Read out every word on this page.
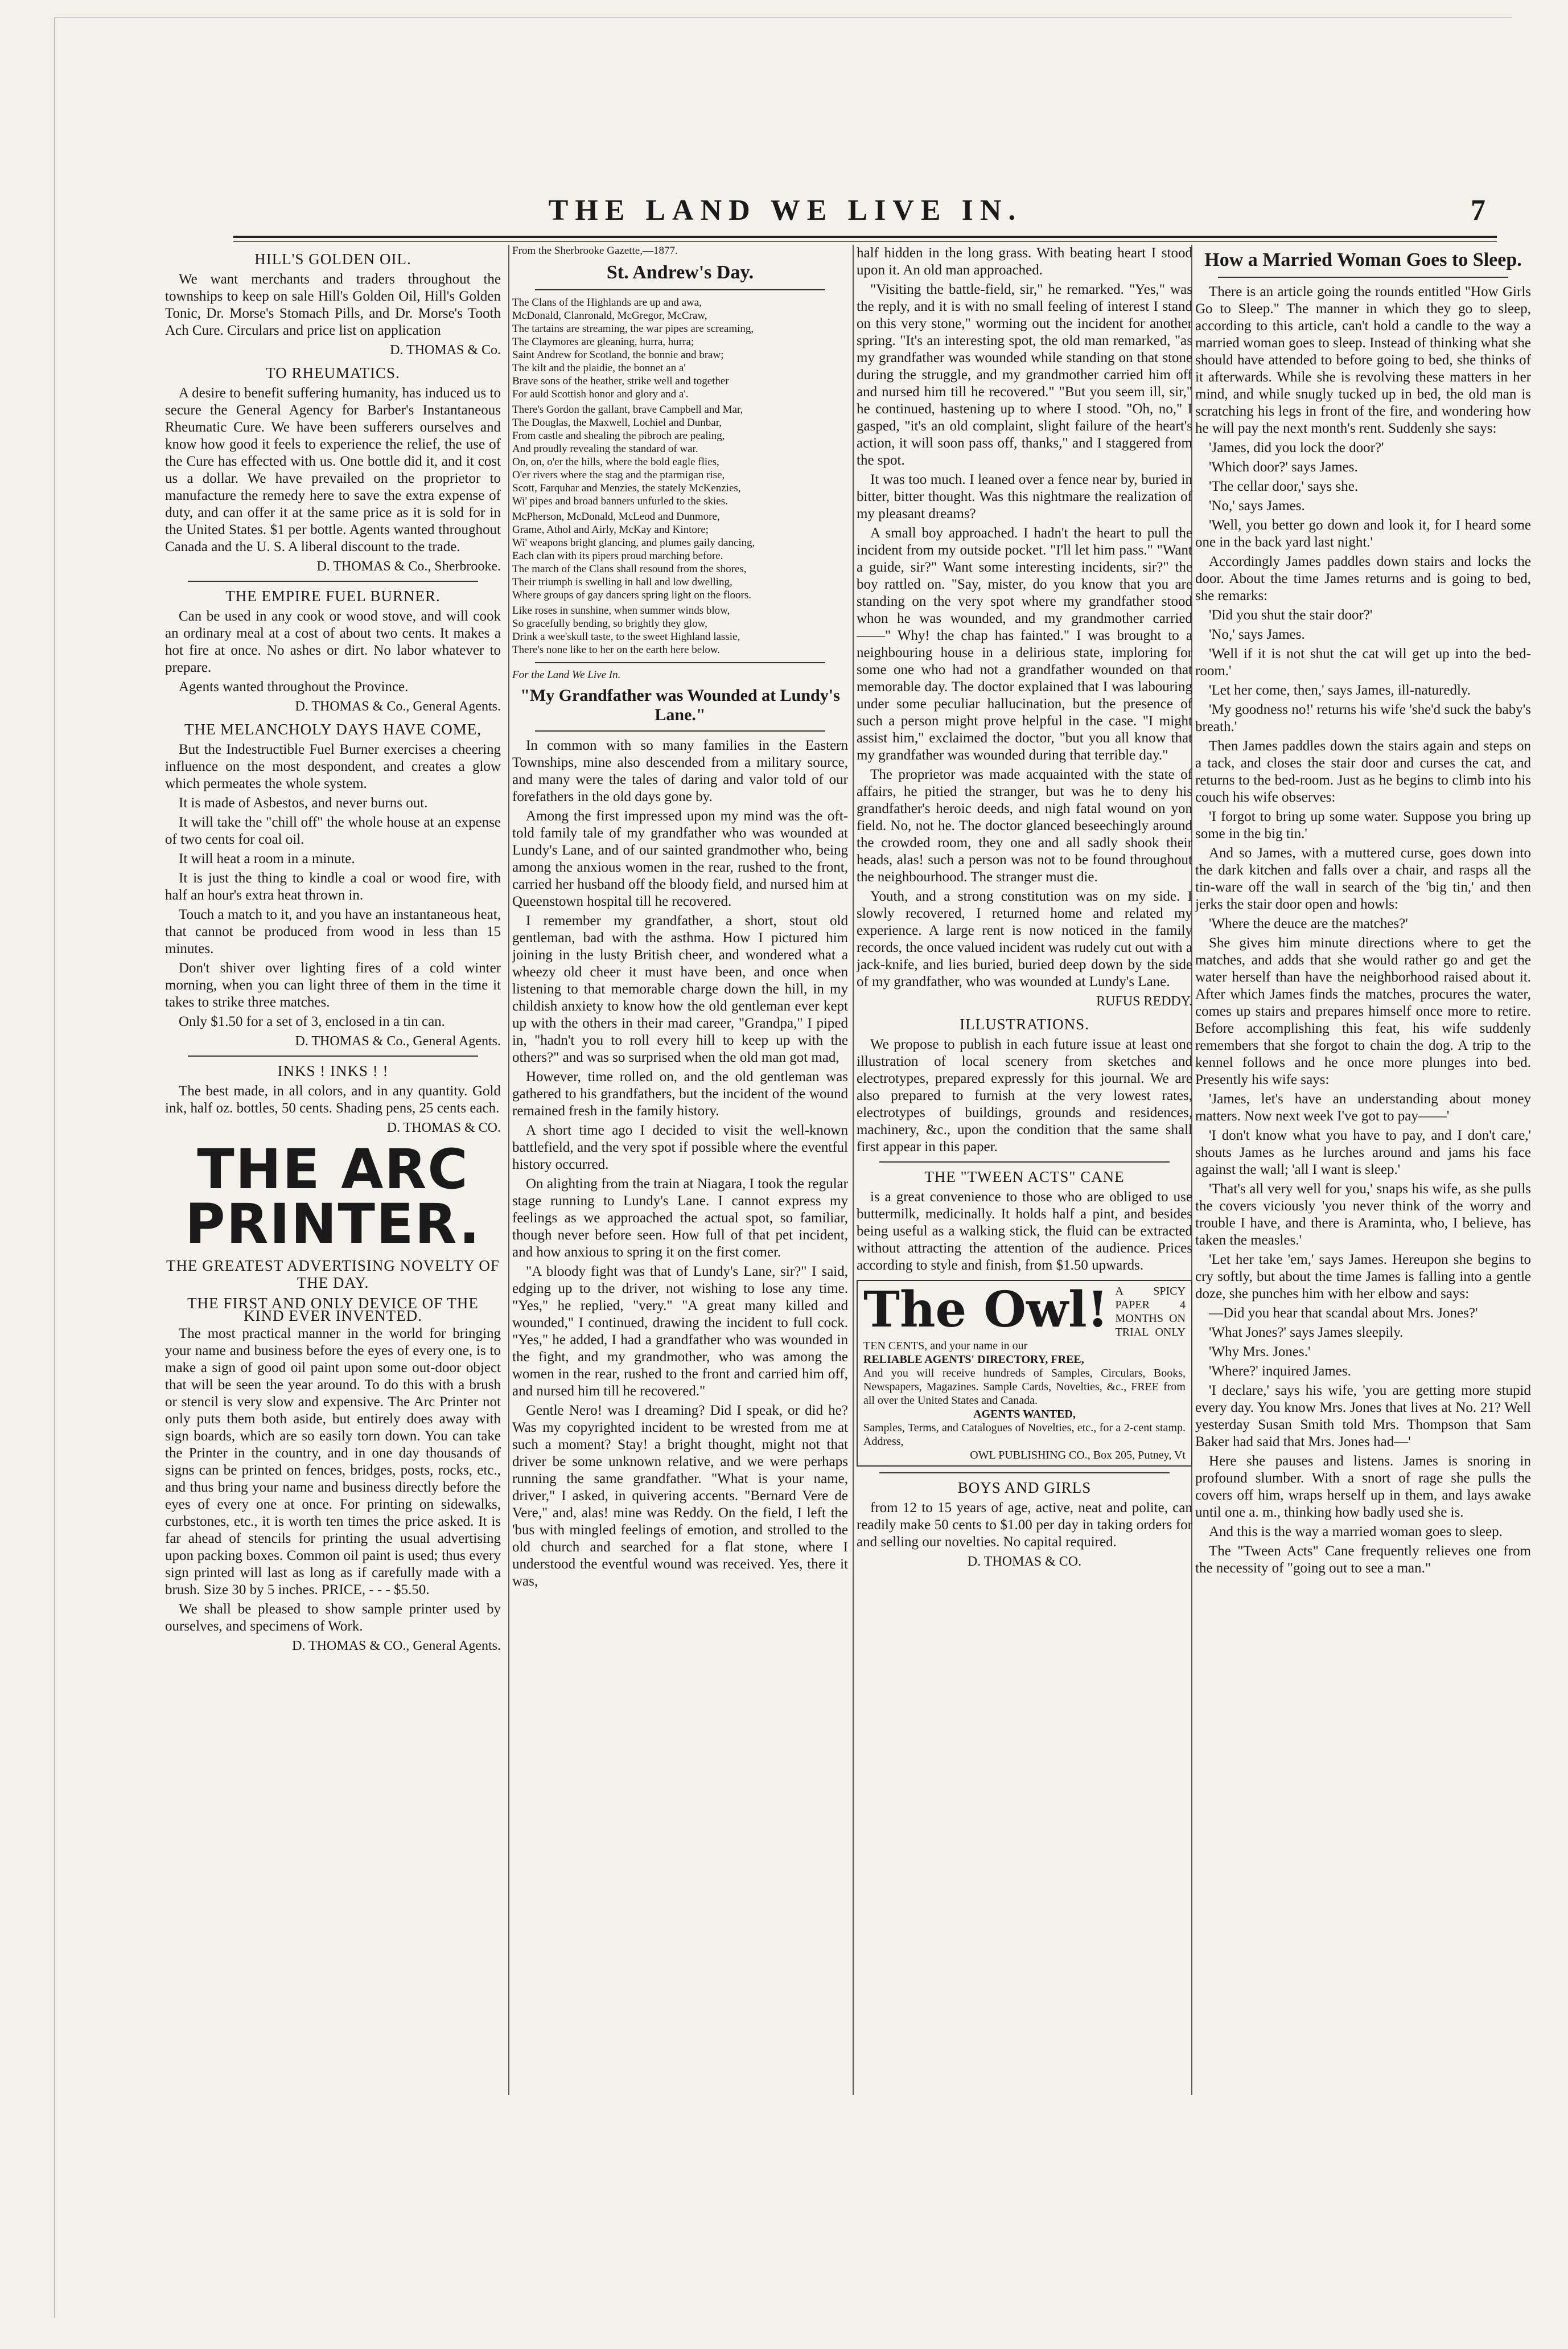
THE LAND WE LIVE IN.	7
HILL'S GOLDEN OIL.

We want merchants and traders throughout the townships to keep on sale Hill's Golden Oil, Hill's Golden Tonic, Dr. Morse's Stomach Pills, and Dr. Morse's Tooth Ach Cure. Circulars and price list on application

D. THOMAS & Co.
TO RHEUMATICS.

A desire to benefit suffering humanity, has induced us to secure the General Agency for Barber's Instantaneous Rheumatic Cure. We have been sufferers ourselves and know how good it feels to experience the relief, the use of the Cure has effected with us. One bottle did it, and it cost us a dollar. We have prevailed on the proprietor to manufacture the remedy here to save the extra expense of duty, and can offer it at the same price as it is sold for in the United States. $1 per bottle. Agents wanted throughout Canada and the U. S. A liberal discount to the trade.

D. THOMAS & Co., Sherbrooke.
THE EMPIRE FUEL BURNER.

Can be used in any cook or wood stove, and will cook an ordinary meal at a cost of about two cents. It makes a hot fire at once. No ashes or dirt. No labor whatever to prepare.

Agents wanted throughout the Province.

D. THOMAS & Co., General Agents.
THE MELANCHOLY DAYS HAVE COME,

But the Indestructible Fuel Burner exercises a cheering influence on the most despondent, and creates a glow which permeates the whole system.

It is made of Asbestos, and never burns out.

It will take the "chill off" the whole house at an expense of two cents for coal oil.

It will heat a room in a minute.

It is just the thing to kindle a coal or wood fire, with half an hour's extra heat thrown in.

Touch a match to it, and you have an instantaneous heat, that cannot be produced from wood in less than 15 minutes.

Don't shiver over lighting fires of a cold winter morning, when you can light three of them in the time it takes to strike three matches.

Only $1.50 for a set of 3, enclosed in a tin can.

D. THOMAS & Co., General Agents.
INKS ! INKS ! !

The best made, in all colors, and in any quantity. Gold ink, half oz. bottles, 50 cents. Shading pens, 25 cents each.

D. THOMAS & CO.
THE ARC PRINTER.
THE GREATEST ADVERTISING NOVELTY OF THE DAY.
THE FIRST AND ONLY DEVICE OF THE KIND EVER INVENTED.

The most practical manner in the world for bringing your name and business before the eyes of every one, is to make a sign of good oil paint upon some out-door object that will be seen the year around. To do this with a brush or stencil is very slow and expensive. The Arc Printer not only puts them both aside, but entirely does away with sign boards, which are so easily torn down. You can take the Printer in the country, and in one day thousands of signs can be printed on fences, bridges, posts, rocks, etc., and thus bring your name and business directly before the eyes of every one at once. For printing on sidewalks, curbstones, etc., it is worth ten times the price asked. It is far ahead of stencils for printing the usual advertising upon packing boxes. Common oil paint is used; thus every sign printed will last as long as if carefully made with a brush. Size 30 by 5 inches. PRICE, - - - $5.50.

We shall be pleased to show sample printer used by ourselves, and specimens of Work.

D. THOMAS & CO., General Agents.
From the Sherbrooke Gazette,—1877.
St. Andrew's Day.
The Clans of the Highlands are up and awa,
McDonald, Clanronald, McGregor, McCraw,
The tartains are streaming, the war pipes are screaming,
The Claymores are gleaning, hurra, hurra;
Saint Andrew for Scotland, the bonnie and braw;
The kilt and the plaidie, the bonnet an a'
Brave sons of the heather, strike well and together
For auld Scottish honor and glory and a'.
There's Gordon the gallant, brave Campbell and Mar,
The Douglas, the Maxwell, Lochiel and Dunbar,
From castle and shealing the pibroch are pealing,
And proudly revealing the standard of war.
On, on, o'er the hills, where the bold eagle flies,
O'er rivers where the stag and the ptarmigan rise,
Scott, Farquhar and Menzies, the stately McKenzies,
Wi' pipes and broad banners unfurled to the skies.
McPherson, McDonald, McLeod and Dunmore,
Grame, Athol and Airly, McKay and Kintore;
Wi' weapons bright glancing, and plumes gaily dancing,
Each clan with its pipers proud marching before.
The march of the Clans shall resound from the shores,
Their triumph is swelling in hall and low dwelling,
Where groups of gay dancers spring light on the floors.
Like roses in sunshine, when summer winds blow,
So gracefully bending, so brightly they glow,
Drink a wee'skull taste, to the sweet Highland lassie,
There's none like to her on the earth here below.
For the Land We Live In.
"My Grandfather was Wounded at Lundy's Lane."

In common with so many families in the Eastern Townships, mine also descended from a military source, and many were the tales of daring and valor told of our forefathers in the old days gone by.

Among the first impressed upon my mind was the oft-told family tale of my grandfather who was wounded at Lundy's Lane, and of our sainted grandmother who, being among the anxious women in the rear, rushed to the front, carried her husband off the bloody field, and nursed him at Queenstown hospital till he recovered.

I remember my grandfather, a short, stout old gentleman, bad with the asthma. How I pictured him joining in the lusty British cheer, and wondered what a wheezy old cheer it must have been, and once when listening to that memorable charge down the hill, in my childish anxiety to know how the old gentleman ever kept up with the others in their mad career, "Grandpa," I piped in, "hadn't you to roll every hill to keep up with the others?" and was so surprised when the old man got mad,

However, time rolled on, and the old gentleman was gathered to his grandfathers, but the incident of the wound remained fresh in the family history.

A short time ago I decided to visit the well-known battlefield, and the very spot if possible where the eventful history occurred.

On alighting from the train at Niagara, I took the regular stage running to Lundy's Lane. I cannot express my feelings as we approached the actual spot, so familiar, though never before seen. How full of that pet incident, and how anxious to spring it on the first comer.

"A bloody fight was that of Lundy's Lane, sir?" I said, edging up to the driver, not wishing to lose any time. "Yes," he replied, "very." "A great many killed and wounded," I continued, drawing the incident to full cock. "Yes," he added, I had a grandfather who was wounded in the fight, and my grandmother, who was among the women in the rear, rushed to the front and carried him off, and nursed him till he recovered."

Gentle Nero! was I dreaming? Did I speak, or did he? Was my copyrighted incident to be wrested from me at such a moment? Stay! a bright thought, might not that driver be some unknown relative, and we were perhaps running the same grandfather. "What is your name, driver," I asked, in quivering accents. "Bernard Vere de Vere," and, alas! mine was Reddy. On the field, I left the 'bus with mingled feelings of emotion, and strolled to the old church and searched for a flat stone, where I understood the eventful wound was received. Yes, there it was,

half hidden in the long grass. With beating heart I stood upon it. An old man approached.

"Visiting the battle-field, sir," he remarked. "Yes," was the reply, and it is with no small feeling of interest I stand on this very stone," worming out the incident for another spring. "It's an interesting spot, the old man remarked, "as my grandfather was wounded while standing on that stone during the struggle, and my grandmother carried him off and nursed him till he recovered." "But you seem ill, sir," he continued, hastening up to where I stood. "Oh, no," I gasped, "it's an old complaint, slight failure of the heart's action, it will soon pass off, thanks," and I staggered from the spot.

It was too much. I leaned over a fence near by, buried in bitter, bitter thought. Was this nightmare the realization of my pleasant dreams?

A small boy approached. I hadn't the heart to pull the incident from my outside pocket. "I'll let him pass." "Want a guide, sir?" Want some interesting incidents, sir?" the boy rattled on. "Say, mister, do you know that you are standing on the very spot where my grandfather stood whon he was wounded, and my grandmother carried ——" Why! the chap has fainted." I was brought to a neighbouring house in a delirious state, imploring for some one who had not a grandfather wounded on that memorable day. The doctor explained that I was labouring under some peculiar hallucination, but the presence of such a person might prove helpful in the case. "I might assist him," exclaimed the doctor, "but you all know that my grandfather was wounded during that terrible day."

The proprietor was made acquainted with the state of affairs, he pitied the stranger, but was he to deny his grandfather's heroic deeds, and nigh fatal wound on yon field. No, not he. The doctor glanced beseechingly around the crowded room, they one and all sadly shook their heads, alas! such a person was not to be found throughout the neighbourhood. The stranger must die.

Youth, and a strong constitution was on my side. I slowly recovered, I returned home and related my experience. A large rent is now noticed in the family records, the once valued incident was rudely cut out with a jack-knife, and lies buried, buried deep down by the side of my grandfather, who was wounded at Lundy's Lane.

RUFUS REDDY.
ILLUSTRATIONS.

We propose to publish in each future issue at least one illustration of local scenery from sketches and electrotypes, prepared expressly for this journal. We are also prepared to furnish at the very lowest rates, electrotypes of buildings, grounds and residences, machinery, &c., upon the condition that the same shall first appear in this paper.

THE "TWEEN ACTS" CANE

is a great convenience to those who are obliged to use buttermilk, medicinally. It holds half a pint, and besides being useful as a walking stick, the fluid can be extracted without attracting the attention of the audience. Prices according to style and finish, from $1.50 upwards.

The Owl! A SPICY PAPER 4 MONTHS ON TRIAL ONLY TEN CENTS, and your name in our
RELIABLE AGENTS' DIRECTORY, FREE,
And you will receive hundreds of Samples, Circulars, Books, Newspapers, Magazines. Sample Cards, Novelties, &c., FREE from all over the United States and Canada.
AGENTS WANTED,
Samples, Terms, and Catalogues of Novelties, etc., for a 2-cent stamp. Address,
OWL PUBLISHING CO., Box 205, Putney, Vt
BOYS AND GIRLS

from 12 to 15 years of age, active, neat and polite, can readily make 50 cents to $1.00 per day in taking orders for and selling our novelties. No capital required.

D. THOMAS & CO.
How a Married Woman Goes to Sleep.

There is an article going the rounds entitled "How Girls Go to Sleep." The manner in which they go to sleep, according to this article, can't hold a candle to the way a married woman goes to sleep. Instead of thinking what she should have attended to before going to bed, she thinks of it afterwards. While she is revolving these matters in her mind, and while snugly tucked up in bed, the old man is scratching his legs in front of the fire, and wondering how he will pay the next month's rent. Suddenly she says:

'James, did you lock the door?'

'Which door?' says James.

'The cellar door,' says she.

'No,' says James.

'Well, you better go down and look it, for I heard some one in the back yard last night.'

Accordingly James paddles down stairs and locks the door. About the time James returns and is going to bed, she remarks:

'Did you shut the stair door?'

'No,' says James.

'Well if it is not shut the cat will get up into the bed-room.'

'Let her come, then,' says James, ill-naturedly.

'My goodness no!' returns his wife 'she'd suck the baby's breath.'

Then James paddles down the stairs again and steps on a tack, and closes the stair door and curses the cat, and returns to the bed-room. Just as he begins to climb into his couch his wife observes:

'I forgot to bring up some water. Suppose you bring up some in the big tin.'

And so James, with a muttered curse, goes down into the dark kitchen and falls over a chair, and rasps all the tin-ware off the wall in search of the 'big tin,' and then jerks the stair door open and howls:

'Where the deuce are the matches?'

She gives him minute directions where to get the matches, and adds that she would rather go and get the water herself than have the neighborhood raised about it. After which James finds the matches, procures the water, comes up stairs and prepares himself once more to retire. Before accomplishing this feat, his wife suddenly remembers that she forgot to chain the dog. A trip to the kennel follows and he once more plunges into bed. Presently his wife says:

'James, let's have an understanding about money matters. Now next week I've got to pay——'

'I don't know what you have to pay, and I don't care,' shouts James as he lurches around and jams his face against the wall; 'all I want is sleep.'

'That's all very well for you,' snaps his wife, as she pulls the covers viciously 'you never think of the worry and trouble I have, and there is Araminta, who, I believe, has taken the measles.'

'Let her take 'em,' says James. Hereupon she begins to cry softly, but about the time James is falling into a gentle doze, she punches him with her elbow and says:

—Did you hear that scandal about Mrs. Jones?'

'What Jones?' says James sleepily.

'Why Mrs. Jones.'

'Where?' inquired James.

'I declare,' says his wife, 'you are getting more stupid every day. You know Mrs. Jones that lives at No. 21? Well yesterday Susan Smith told Mrs. Thompson that Sam Baker had said that Mrs. Jones had—'

Here she pauses and listens. James is snoring in profound slumber. With a snort of rage she pulls the covers off him, wraps herself up in them, and lays awake until one a. m., thinking how badly used she is.

And this is the way a married woman goes to sleep.

The "Tween Acts" Cane frequently relieves one from the necessity of "going out to see a man."
